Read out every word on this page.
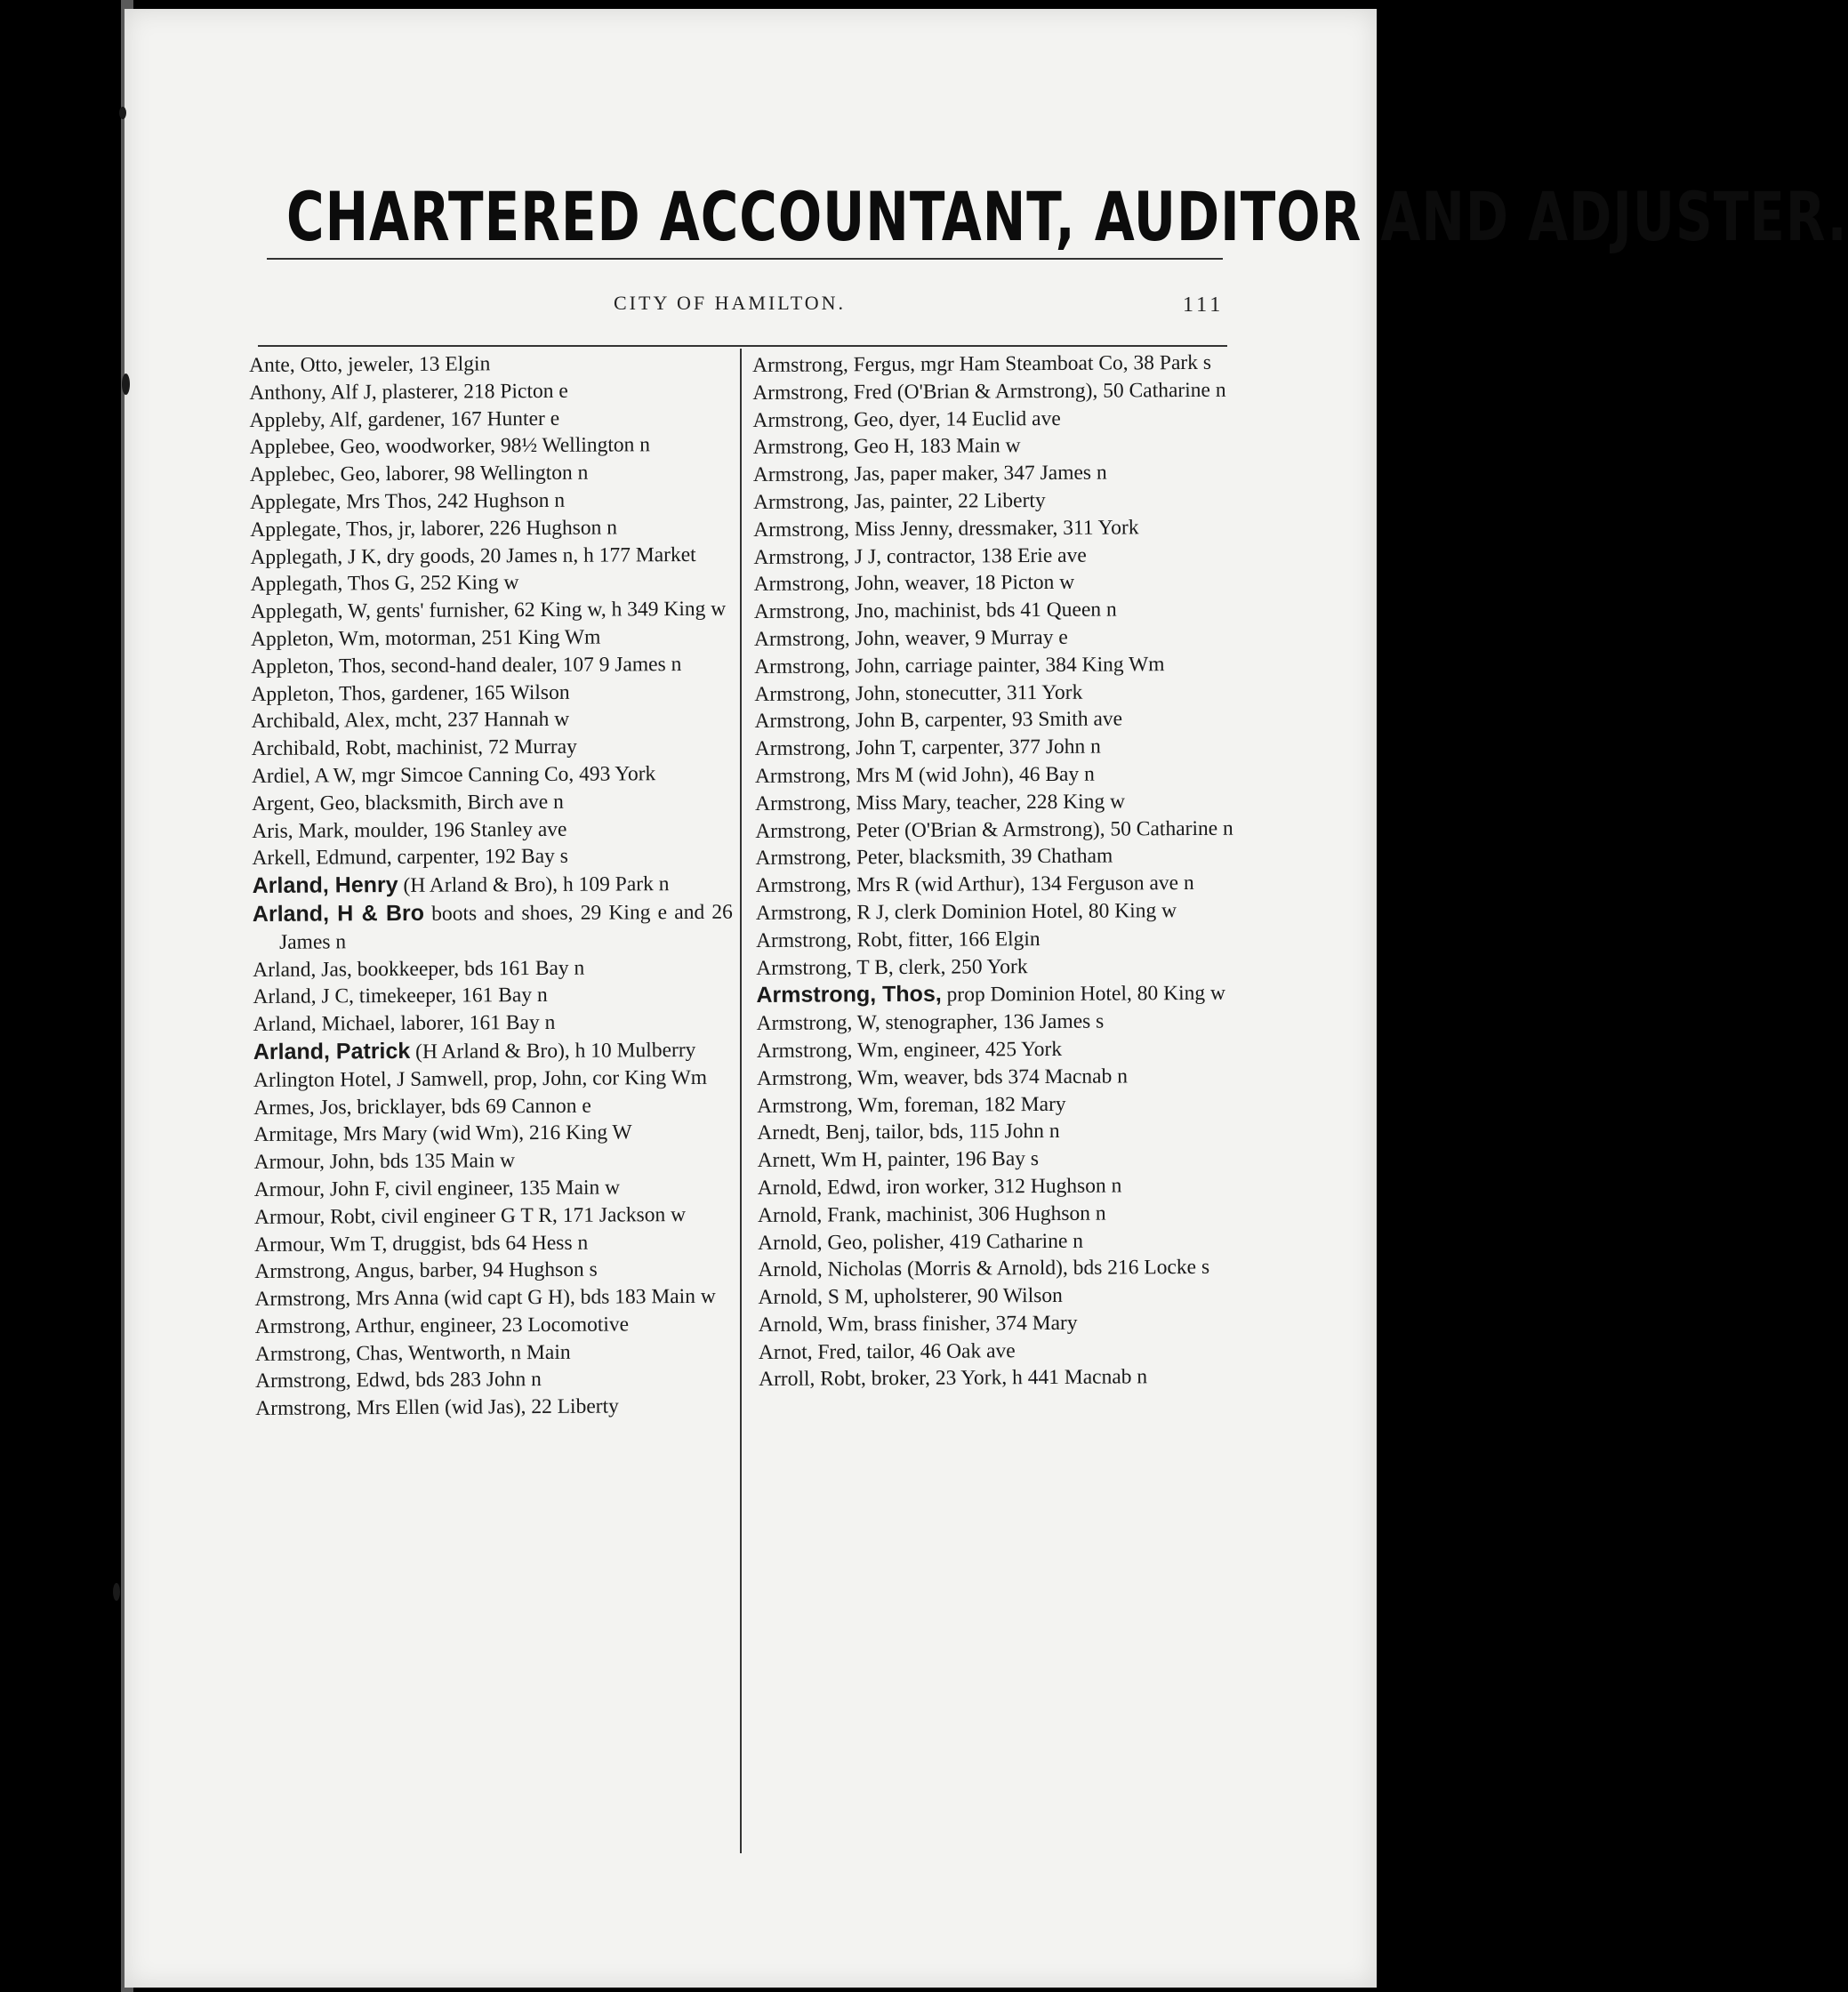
CHARTERED ACCOUNTANT, AUDITOR AND ADJUSTER.
CITY OF HAMILTON.	111

Ante, Otto, jeweler, 13 Elgin

Anthony, Alf J, plasterer, 218 Picton e

Appleby, Alf, gardener, 167 Hunter e

Applebee, Geo, woodworker, 98½ Wellington n

Applebec, Geo, laborer, 98 Wellington n

Applegate, Mrs Thos, 242 Hughson n

Applegate, Thos, jr, laborer, 226 Hughson n

Applegath, J K, dry goods, 20 James n, h 177 Market

Applegath, Thos G, 252 King w

Applegath, W, gents' furnisher, 62 King w, h 349 King w

Appleton, Wm, motorman, 251 King Wm

Appleton, Thos, second-hand dealer, 107 9 James n

Appleton, Thos, gardener, 165 Wilson

Archibald, Alex, mcht, 237 Hannah w

Archibald, Robt, machinist, 72 Murray

Ardiel, A W, mgr Simcoe Canning Co, 493 York

Argent, Geo, blacksmith, Birch ave n

Aris, Mark, moulder, 196 Stanley ave

Arkell, Edmund, carpenter, 192 Bay s

Arland, Henry (H Arland & Bro), h 109 Park n

Arland, H & Bro boots and shoes, 29 King e and 26 James n

Arland, Jas, bookkeeper, bds 161 Bay n

Arland, J C, timekeeper, 161 Bay n

Arland, Michael, laborer, 161 Bay n

Arland, Patrick (H Arland & Bro), h 10 Mulberry

Arlington Hotel, J Samwell, prop, John, cor King Wm

Armes, Jos, bricklayer, bds 69 Cannon e

Armitage, Mrs Mary (wid Wm), 216 King W

Armour, John, bds 135 Main w

Armour, John F, civil engineer, 135 Main w

Armour, Robt, civil engineer G T R, 171 Jackson w

Armour, Wm T, druggist, bds 64 Hess n

Armstrong, Angus, barber, 94 Hughson s

Armstrong, Mrs Anna (wid capt G H), bds 183 Main w

Armstrong, Arthur, engineer, 23 Locomotive

Armstrong, Chas, Wentworth, n Main

Armstrong, Edwd, bds 283 John n

Armstrong, Mrs Ellen (wid Jas), 22 Liberty

Armstrong, Fergus, mgr Ham Steamboat Co, 38 Park s

Armstrong, Fred (O'Brian & Armstrong), 50 Catharine n

Armstrong, Geo, dyer, 14 Euclid ave

Armstrong, Geo H, 183 Main w

Armstrong, Jas, paper maker, 347 James n

Armstrong, Jas, painter, 22 Liberty

Armstrong, Miss Jenny, dressmaker, 311 York

Armstrong, J J, contractor, 138 Erie ave

Armstrong, John, weaver, 18 Picton w

Armstrong, Jno, machinist, bds 41 Queen n

Armstrong, John, weaver, 9 Murray e

Armstrong, John, carriage painter, 384 King Wm

Armstrong, John, stonecutter, 311 York

Armstrong, John B, carpenter, 93 Smith ave

Armstrong, John T, carpenter, 377 John n

Armstrong, Mrs M (wid John), 46 Bay n

Armstrong, Miss Mary, teacher, 228 King w

Armstrong, Peter (O'Brian & Armstrong), 50 Catharine n

Armstrong, Peter, blacksmith, 39 Chatham

Armstrong, Mrs R (wid Arthur), 134 Ferguson ave n

Armstrong, R J, clerk Dominion Hotel, 80 King w

Armstrong, Robt, fitter, 166 Elgin

Armstrong, T B, clerk, 250 York

Armstrong, Thos, prop Dominion Hotel, 80 King w

Armstrong, W, stenographer, 136 James s

Armstrong, Wm, engineer, 425 York

Armstrong, Wm, weaver, bds 374 Macnab n

Armstrong, Wm, foreman, 182 Mary

Arnedt, Benj, tailor, bds, 115 John n

Arnett, Wm H, painter, 196 Bay s

Arnold, Edwd, iron worker, 312 Hughson n

Arnold, Frank, machinist, 306 Hughson n

Arnold, Geo, polisher, 419 Catharine n

Arnold, Nicholas (Morris & Arnold), bds 216 Locke s

Arnold, S M, upholsterer, 90 Wilson

Arnold, Wm, brass finisher, 374 Mary

Arnot, Fred, tailor, 46 Oak ave

Arroll, Robt, broker, 23 York, h 441 Macnab n
